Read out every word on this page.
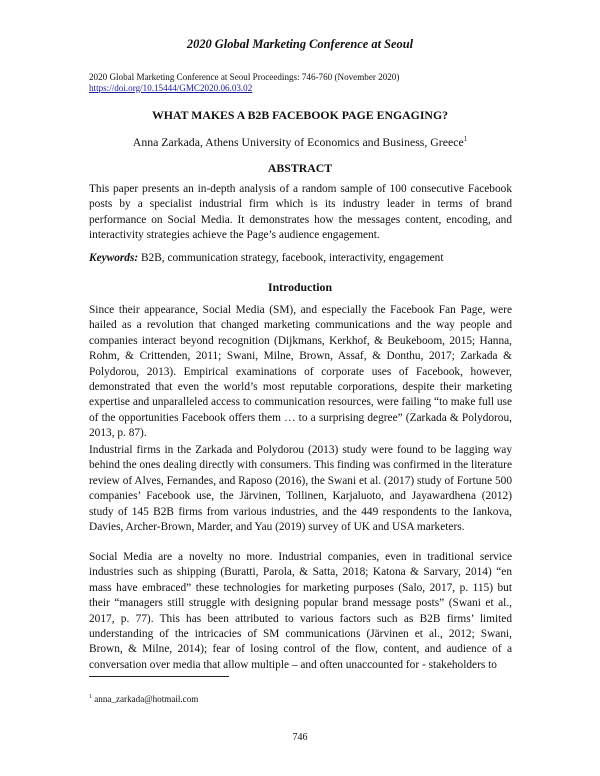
2020 Global Marketing Conference at Seoul
2020 Global Marketing Conference at Seoul Proceedings: 746-760 (November 2020)
https://doi.org/10.15444/GMC2020.06.03.02
WHAT MAKES A B2B FACEBOOK PAGE ENGAGING?
Anna Zarkada, Athens University of Economics and Business, Greece$^1$
ABSTRACT
This paper presents an in-depth analysis of a random sample of 100 consecutive Facebook posts by a specialist industrial firm which is its industry leader in terms of brand performance on Social Media. It demonstrates how the messages content, encoding, and interactivity strategies achieve the Page’s audience engagement.
Keywords: B2B, communication strategy, facebook, interactivity, engagement
Introduction
Since their appearance, Social Media (SM), and especially the Facebook Fan Page, were hailed as a revolution that changed marketing communications and the way people and companies interact beyond recognition (Dijkmans, Kerkhof, & Beukeboom, 2015; Hanna, Rohm, & Crittenden, 2011; Swani, Milne, Brown, Assaf, & Donthu, 2017; Zarkada & Polydorou, 2013). Empirical examinations of corporate uses of Facebook, however, demonstrated that even the world’s most reputable corporations, despite their marketing expertise and unparalleled access to communication resources, were failing “to make full use of the opportunities Facebook offers them … to a surprising degree” (Zarkada & Polydorou, 2013, p. 87).
Industrial firms in the Zarkada and Polydorou (2013) study were found to be lagging way behind the ones dealing directly with consumers. This finding was confirmed in the literature review of Alves, Fernandes, and Raposo (2016), the Swani et al. (2017) study of Fortune 500 companies’ Facebook use, the Järvinen, Tollinen, Karjaluoto, and Jayawardhena (2012) study of 145 B2B firms from various industries, and the 449 respondents to the Iankova, Davies, Archer-Brown, Marder, and Yau (2019) survey of UK and USA marketers.
Social Media are a novelty no more. Industrial companies, even in traditional service industries such as shipping (Buratti, Parola, & Satta, 2018; Katona & Sarvary, 2014) “en mass have embraced” these technologies for marketing purposes (Salo, 2017, p. 115) but their “managers still struggle with designing popular brand message posts” (Swani et al., 2017, p. 77). This has been attributed to various factors such as B2B firms’ limited understanding of the intricacies of SM communications (Järvinen et al., 2012; Swani, Brown, & Milne, 2014); fear of losing control of the flow, content, and audience of a conversation over media that allow multiple – and often unaccounted for - stakeholders to
$^1$ anna_zarkada@hotmail.com
746
